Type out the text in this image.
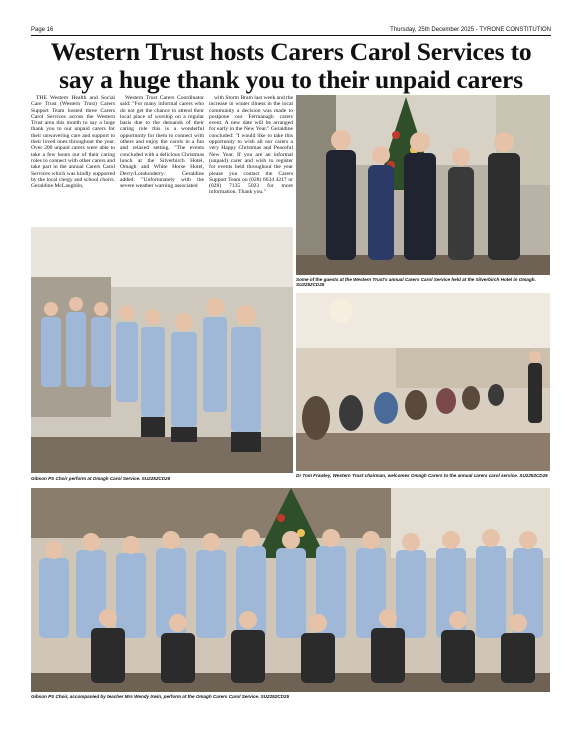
Page 16	Thursday, 25th December 2025 - TYRONE CONSTITUTION
Western Trust hosts Carers Carol Services to say a huge thank you to their unpaid carers

THE Western Health and Social Care Trust (Western Trust) Carers Support Team hosted three Carers Carol Services across the Western Trust area this month to say a huge thank you to our unpaid carers for their unwavering care and support to their loved ones throughout the year. Over 200 unpaid carers were able to take a few hours out of their caring roles to connect with other carers and take part in the annual Carers Carol Services which was kindly supported by the local clergy and school choirs. Geraldine McLaughlin,

Western Trust Carers Coordinator said: "For many informal carers who do not get the chance to attend their local place of worship on a regular basis due to the demands of their caring role this is a wonderful opportunity for them to connect with others and enjoy the carols in a fun and relaxed setting. "The events concluded with a delicious Christmas lunch at the Silverbirch Hotel, Omagh and White Horse Hotel, Derry/Londonderry. Geraldine added: "Unfortunately with the severe weather warning associated

with Storm Bram last week and the increase in winter illness in the local community a decision was made to postpone our Fermanagh carers event. A new date will be arranged for early in the New Year." Geraldine concluded: "I would like to take this opportunity to wish all our carers a very Happy Christmas and Peaceful New Year. If you are an informal (unpaid) carer and wish to register for events held throughout the year please you contact the Carers Support Team on (028) 6634 4217 or (028) 7135 5023 for more information. Thank you."

Some of the guests at the Western Trust's annual Carers Carol Service held at the Silverbirch Hotel in Omagh. SU2252CD25
Gibson PS Choir perform at Omagh Carol Service. SU2252CD25
Dr Tom Frawley, Western Trust chairman, welcomes Omagh Carers to the annual carers carol service. SU2252CD25
Gibson PS Choir, accompanied by teacher Mrs Wendy Irwin, perform at the Omagh Carers Carol Service. SU2252CD25
